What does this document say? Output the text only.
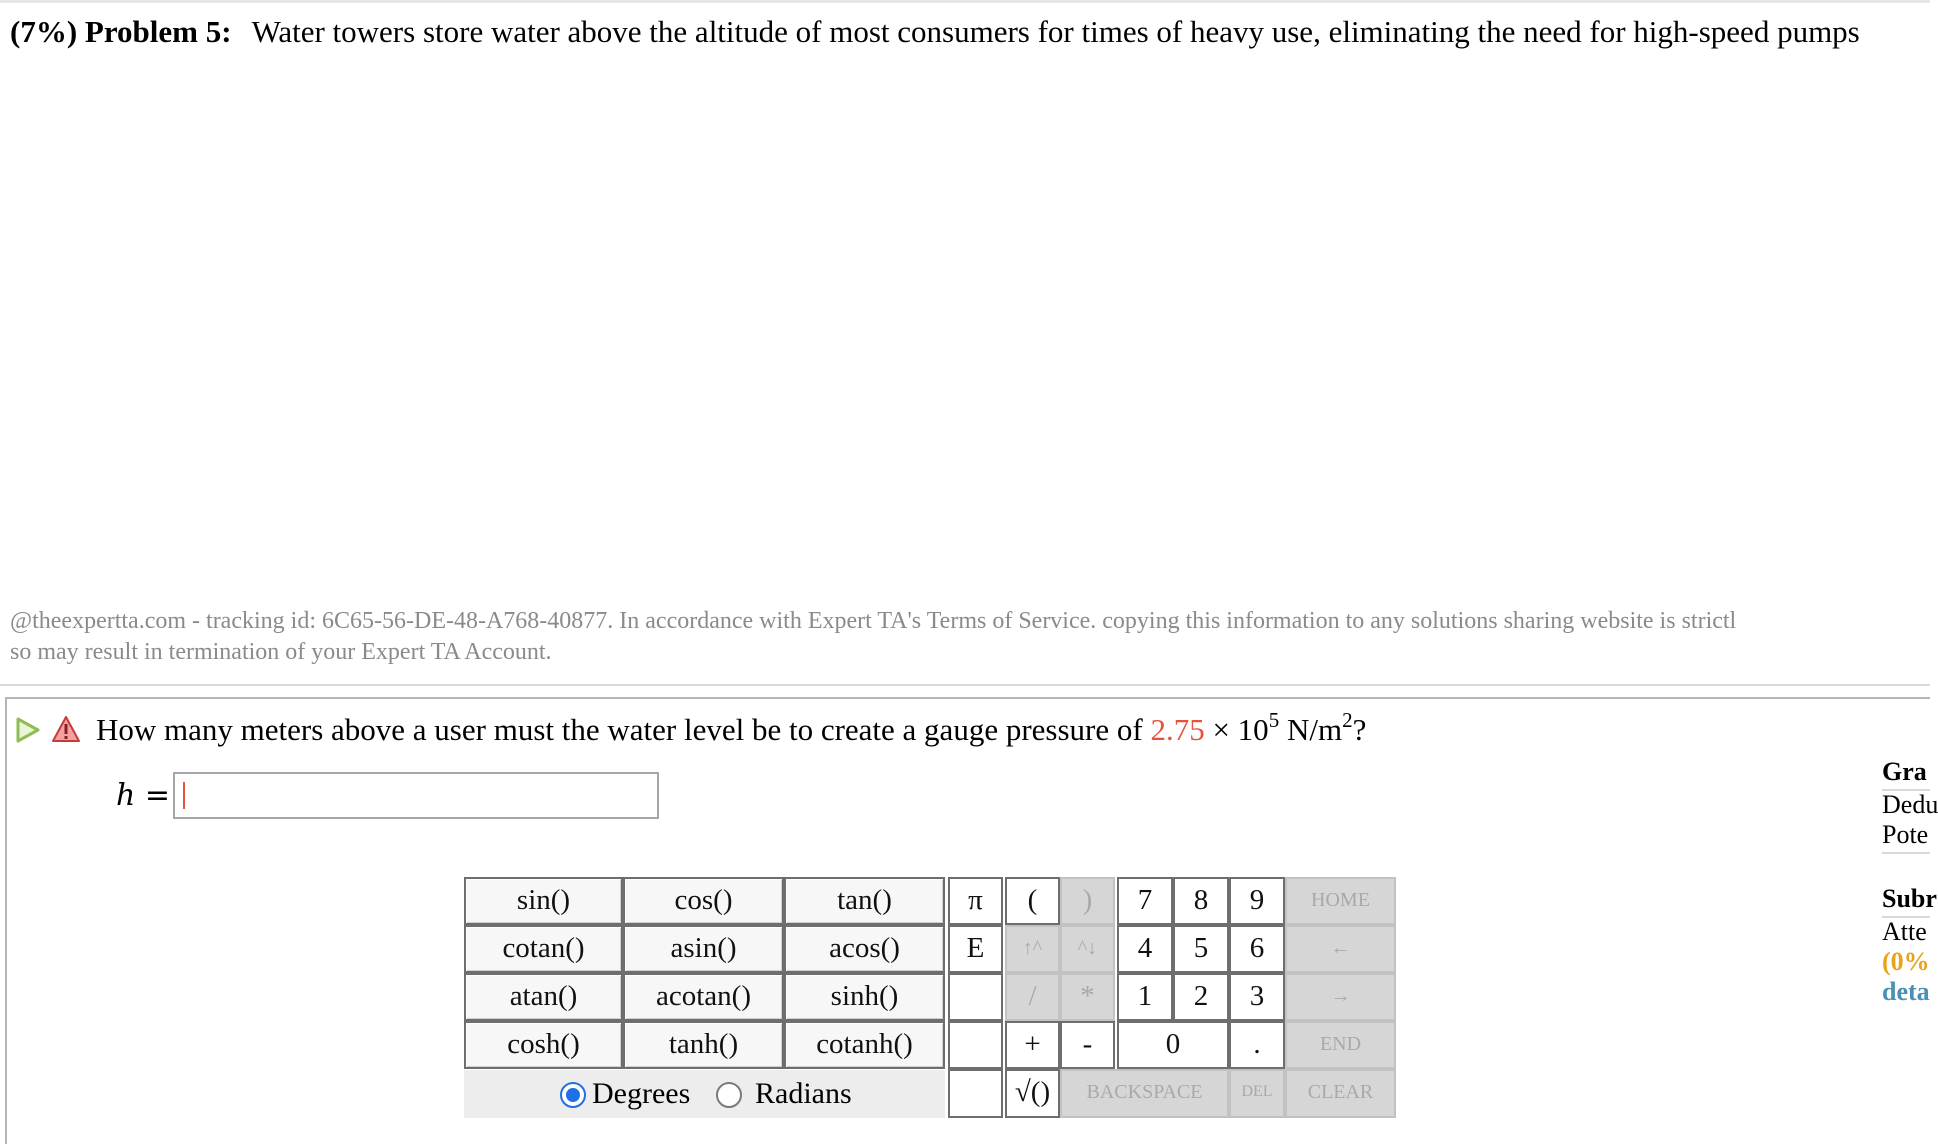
(7%) Problem 5: Water towers store water above the altitude of most consumers for times of heavy use, eliminating the need for high-speed pumps
@theexpertta.com - tracking id: 6C65-56-DE-48-A768-40877. In accordance with Expert TA's Terms of Service. copying this information to any solutions sharing website is strictl
so may result in termination of your Expert TA Account.
How many meters above a user must the water level be to create a gauge pressure of $2.75 \times 10^5$ $N/m^2$?
h =
sin()	cos()	tan()
cotan()	asin()	acos()
atan()	acotan()	sinh()
cosh()	tanh()	cotanh()
Degrees Radians
π
E
(	)
↑^	^↓
/	*
+	-
√()	BACKSPACE
7	8	9
4	5	6
1	2	3
0	.
DEL
HOME
←
→
END
CLEAR
Gra
Dedu
Pote
Subr
Atte
(0%
deta
